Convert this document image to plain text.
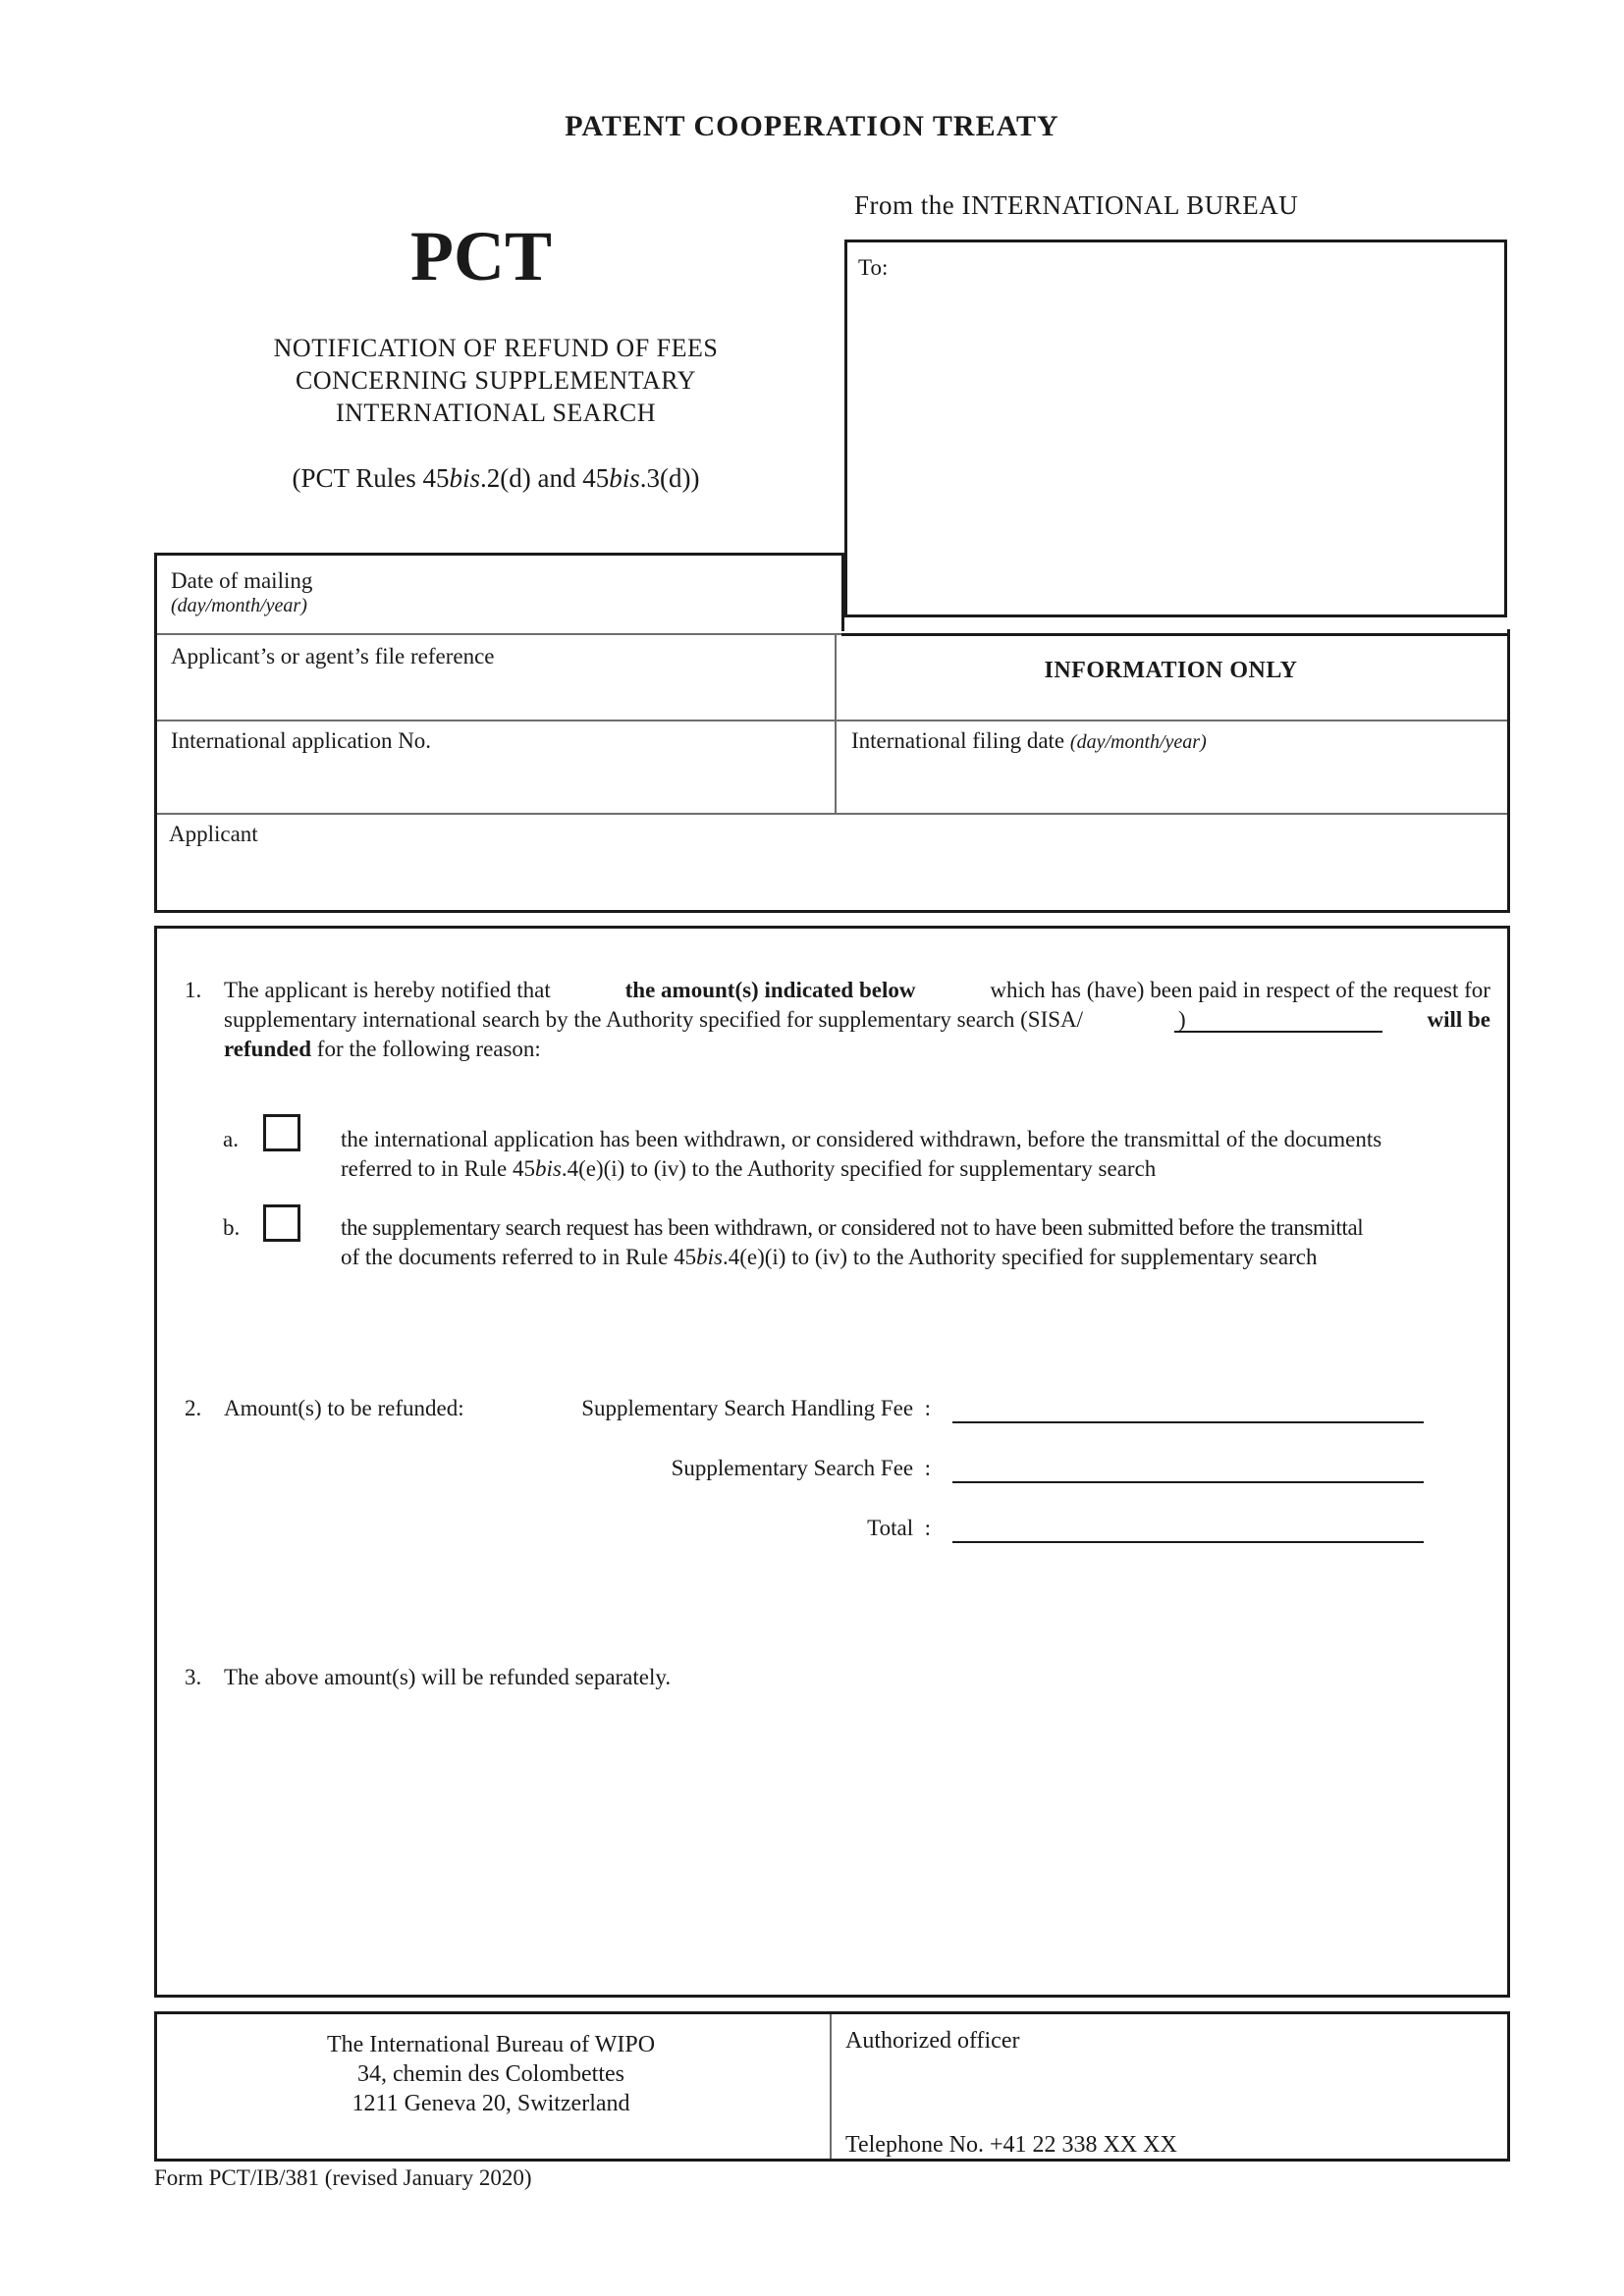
PATENT COOPERATION TREATY
From the INTERNATIONAL BUREAU
PCT
NOTIFICATION OF REFUND OF FEES
CONCERNING SUPPLEMENTARY
INTERNATIONAL SEARCH
(PCT Rules 45bis.2(d) and 45bis.3(d))
To:
Date of mailing
(day/month/year)
Applicant’s or agent’s file reference
INFORMATION ONLY
International application No.	International filing date (day/month/year)
Applicant
1. The applicant is hereby notified that	the amount(s) indicated below	which has (have) been paid in respect of the request for
supplementary international search by the Authority specified for supplementary search (SISA/	)	will be
refunded for the following reason:
a.	the international application has been withdrawn, or considered withdrawn, before the transmittal of the documents
referred to in Rule 45bis.4(e)(i) to (iv) to the Authority specified for supplementary search
b.	the supplementary search request has been withdrawn, or considered not to have been submitted before the transmittal
of the documents referred to in Rule 45bis.4(e)(i) to (iv) to the Authority specified for supplementary search
2. Amount(s) to be refunded:	Supplementary Search Handling Fee :
Supplementary Search Fee :
Total :
3. The above amount(s) will be refunded separately.
The International Bureau of WIPO
34, chemin des Colombettes
1211 Geneva 20, Switzerland
Authorized officer
Telephone No. +41 22 338 XX XX
Form PCT/IB/381 (revised January 2020)
